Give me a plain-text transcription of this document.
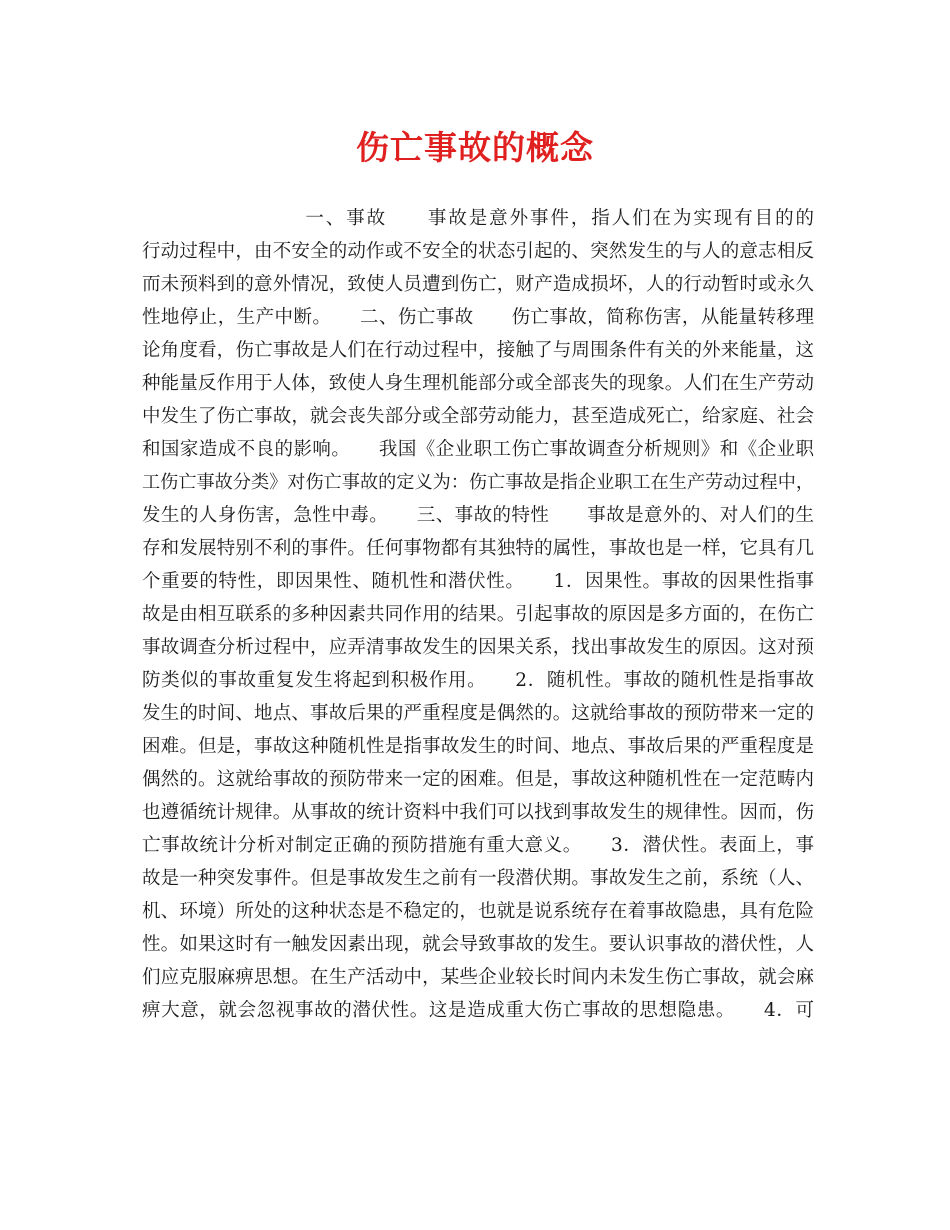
伤亡事故的概念
　　　　　　　　一、事故　　事故是意外事件，指人们在为实现有目的的
行动过程中，由不安全的动作或不安全的状态引起的、突然发生的与人的意志相反
而未预料到的意外情况，致使人员遭到伤亡，财产造成损坏，人的行动暂时或永久
性地停止，生产中断。　　二、伤亡事故　　伤亡事故，简称伤害，从能量转移理
论角度看，伤亡事故是人们在行动过程中，接触了与周围条件有关的外来能量，这
种能量反作用于人体，致使人身生理机能部分或全部丧失的现象。人们在生产劳动
中发生了伤亡事故，就会丧失部分或全部劳动能力，甚至造成死亡，给家庭、社会
和国家造成不良的影响。　　我国《企业职工伤亡事故调查分析规则》和《企业职
工伤亡事故分类》对伤亡事故的定义为：伤亡事故是指企业职工在生产劳动过程中，
发生的人身伤害，急性中毒。　　三、事故的特性　　事故是意外的、对人们的生
存和发展特别不利的事件。任何事物都有其独特的属性，事故也是一样，它具有几
个重要的特性，即因果性、随机性和潜伏性。　　1．因果性。事故的因果性指事
故是由相互联系的多种因素共同作用的结果。引起事故的原因是多方面的，在伤亡
事故调查分析过程中，应弄清事故发生的因果关系，找出事故发生的原因。这对预
防类似的事故重复发生将起到积极作用。　　2．随机性。事故的随机性是指事故
发生的时间、地点、事故后果的严重程度是偶然的。这就给事故的预防带来一定的
困难。但是，事故这种随机性是指事故发生的时间、地点、事故后果的严重程度是
偶然的。这就给事故的预防带来一定的困难。但是，事故这种随机性在一定范畴内
也遵循统计规律。从事故的统计资料中我们可以找到事故发生的规律性。因而，伤
亡事故统计分析对制定正确的预防措施有重大意义。　　3．潜伏性。表面上，事
故是一种突发事件。但是事故发生之前有一段潜伏期。事故发生之前，系统（人、
机、环境）所处的这种状态是不稳定的，也就是说系统存在着事故隐患，具有危险
性。如果这时有一触发因素出现，就会导致事故的发生。要认识事故的潜伏性，人
们应克服麻痹思想。在生产活动中，某些企业较长时间内未发生伤亡事故，就会麻
痹大意，就会忽视事故的潜伏性。这是造成重大伤亡事故的思想隐患。　　4．可
